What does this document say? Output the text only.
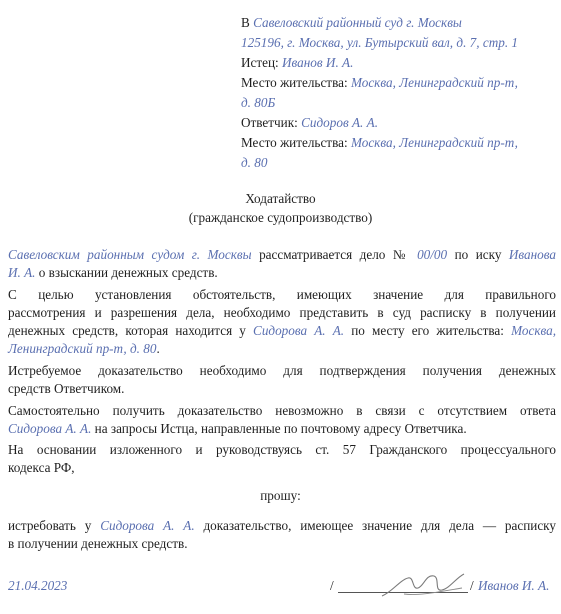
В Савеловский районный суд г. Москвы
125196, г. Москва, ул. Бутырский вал, д. 7, стр. 1
Истец: Иванов И. А.
Место жительства: Москва, Ленинградский пр-т,
д. 80Б
Ответчик: Сидоров А. А.
Место жительства: Москва, Ленинградский пр-т,
д. 80
Ходатайство
(гражданское судопроизводство)
Савеловским районным судом г. Москвы рассматривается дело № 00/00 по иску Иванова
И. А. о взыскании денежных средств.
С целью установления обстоятельств, имеющих значение для правильного
рассмотрения и разрешения дела, необходимо представить в суд расписку в получении
денежных средств, которая находится у Сидорова А. А. по месту его жительства: Москва,
Ленинградский пр-т, д. 80.
Истребуемое доказательство необходимо для подтверждения получения денежных
средств Ответчиком.
Самостоятельно получить доказательство невозможно в связи с отсутствием ответа
Сидорова А. А. на запросы Истца, направленные по почтовому адресу Ответчика.
На основании изложенного и руководствуясь ст. 57 Гражданского процессуального
кодекса РФ,
прошу:
истребовать у Сидорова А. А. доказательство, имеющее значение для дела — расписку
в получении денежных средств.
21.04.2023	/	/ Иванов И. А.
